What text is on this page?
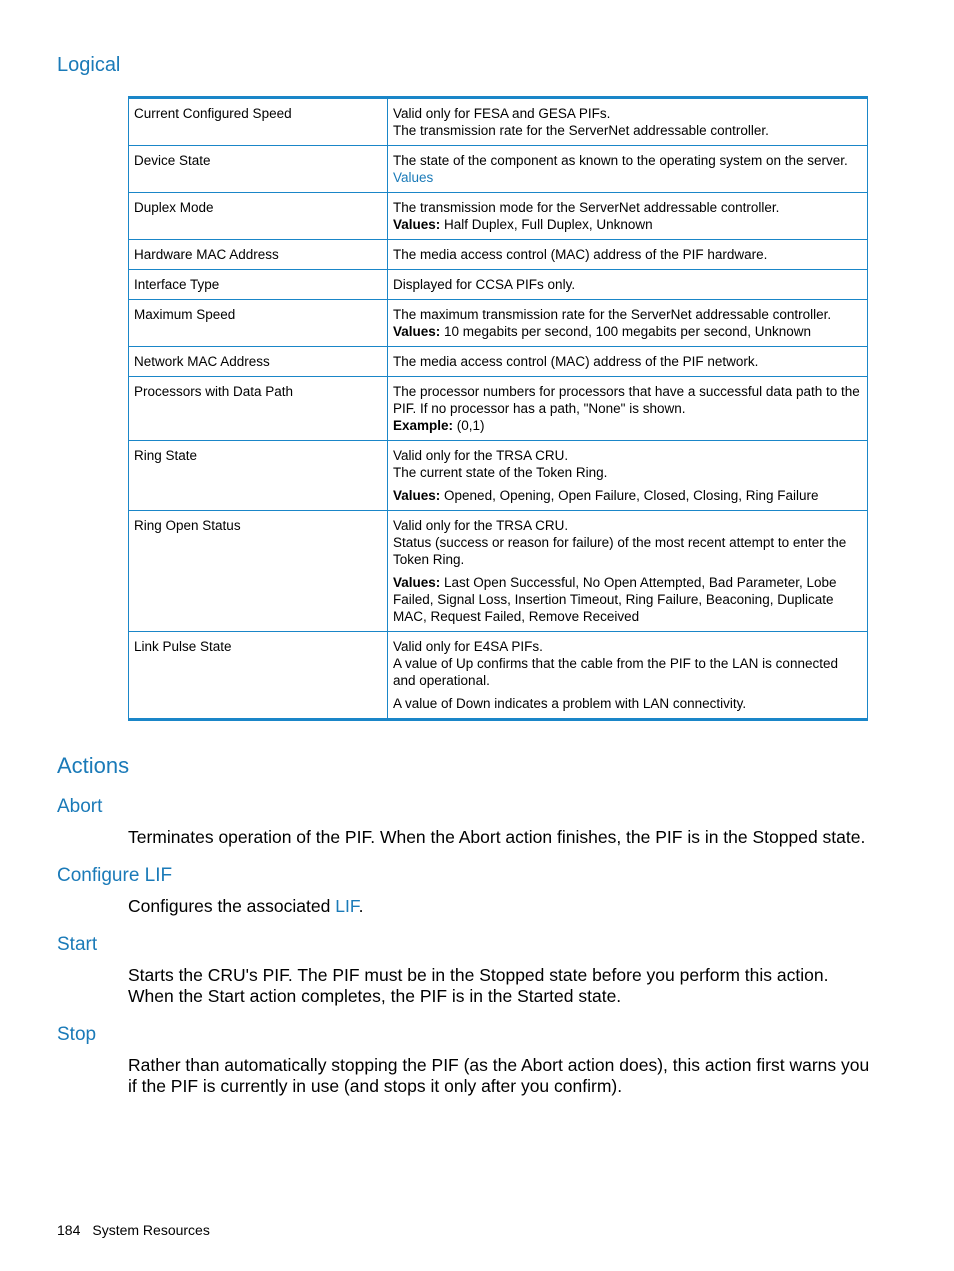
Logical
Current Configured Speed	Valid only for FESA and GESA PIFs.
The transmission rate for the ServerNet addressable controller.

Device State	The state of the component as known to the operating system on the server.
Values

Duplex Mode	The transmission mode for the ServerNet addressable controller.
Values: Half Duplex, Full Duplex, Unknown

Hardware MAC Address	The media access control (MAC) address of the PIF hardware.

Interface Type	Displayed for CCSA PIFs only.

Maximum Speed	The maximum transmission rate for the ServerNet addressable controller.
Values: 10 megabits per second, 100 megabits per second, Unknown

Network MAC Address	The media access control (MAC) address of the PIF network.

Processors with Data Path	The processor numbers for processors that have a successful data path to the PIF. If no processor has a path, "None" is shown.
Example: (0,1)

Ring State	Valid only for the TRSA CRU.
The current state of the Token Ring.
Values: Opened, Opening, Open Failure, Closed, Closing, Ring Failure

Ring Open Status	Valid only for the TRSA CRU.
Status (success or reason for failure) of the most recent attempt to enter the Token Ring.
Values: Last Open Successful, No Open Attempted, Bad Parameter, Lobe Failed, Signal Loss, Insertion Timeout, Ring Failure, Beaconing, Duplicate MAC, Request Failed, Remove Received

Link Pulse State	Valid only for E4SA PIFs.
A value of Up confirms that the cable from the PIF to the LAN is connected and operational.
A value of Down indicates a problem with LAN connectivity.
Actions
Abort
Terminates operation of the PIF. When the Abort action finishes, the PIF is in the Stopped state.
Configure LIF
Configures the associated LIF.
Start
Starts the CRU's PIF. The PIF must be in the Stopped state before you perform this action. When the Start action completes, the PIF is in the Started state.
Stop
Rather than automatically stopping the PIF (as the Abort action does), this action first warns you if the PIF is currently in use (and stops it only after you confirm).
184 System Resources
